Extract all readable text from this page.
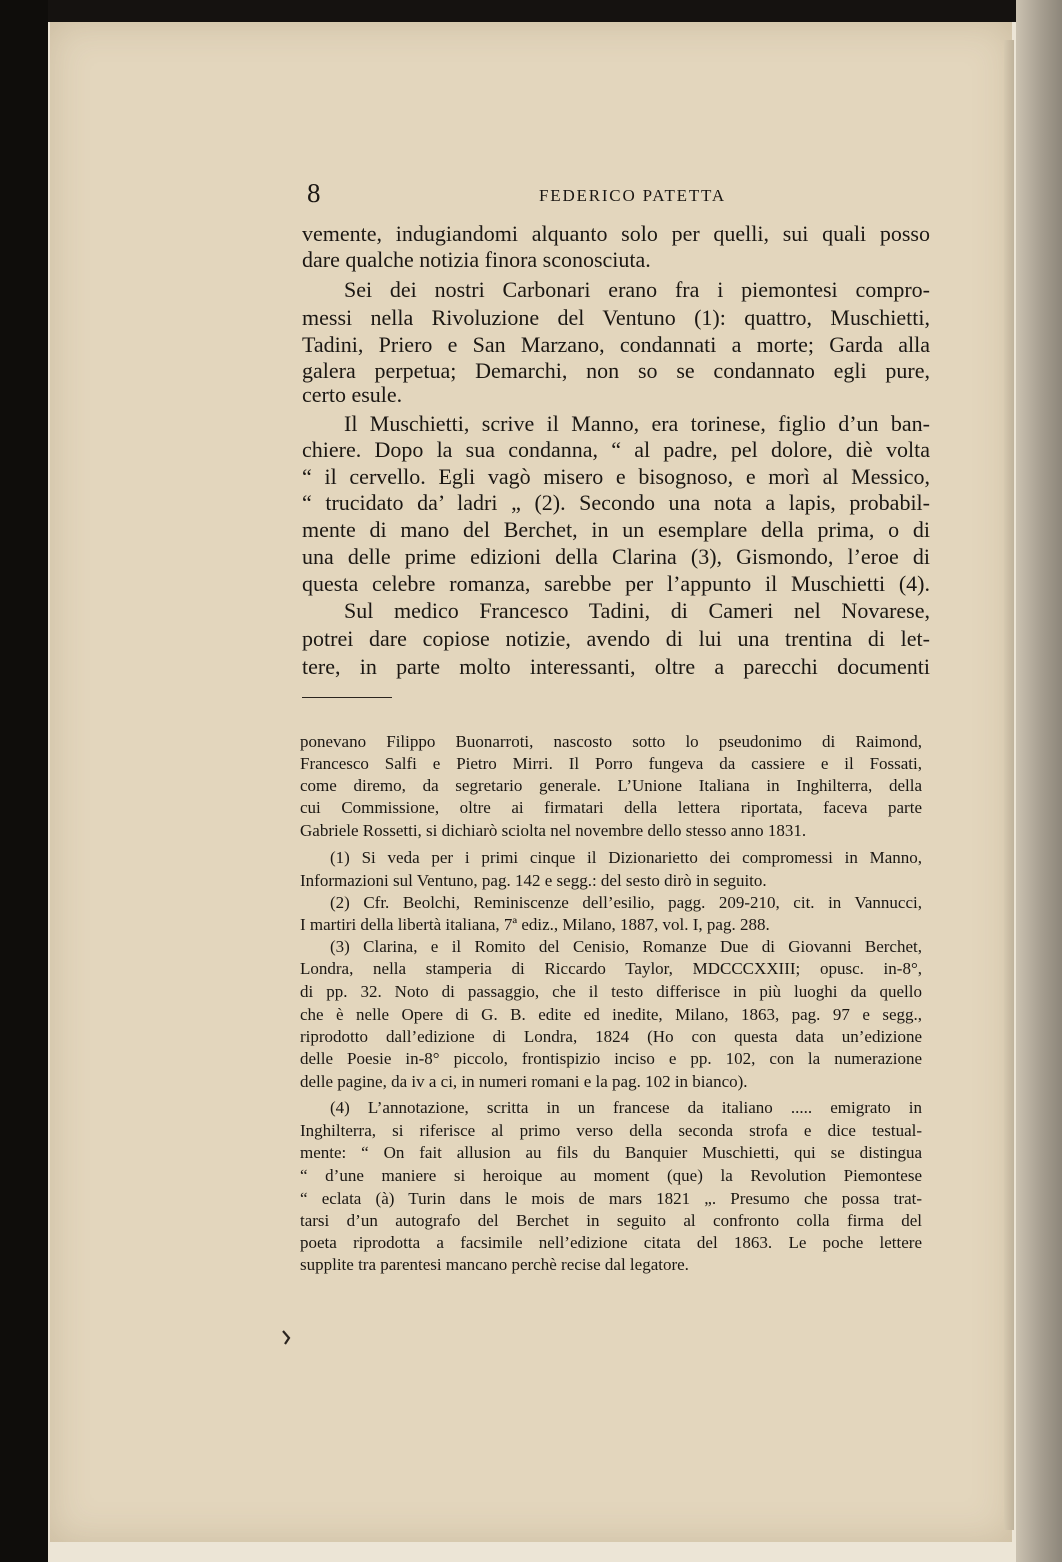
8	FEDERICO PATETTA
vemente, indugiandomi alquanto solo per quelli, sui quali posso
dare qualche notizia finora sconosciuta.
Sei dei nostri Carbonari erano fra i piemontesi compro-
messi nella Rivoluzione del Ventuno (1): quattro, Muschietti,
Tadini, Priero e San Marzano, condannati a morte; Garda alla
galera perpetua; Demarchi, non so se condannato egli pure,
certo esule.
Il Muschietti, scrive il Manno, era torinese, figlio d’un ban-
chiere. Dopo la sua condanna, “ al padre, pel dolore, diè volta
“ il cervello. Egli vagò misero e bisognoso, e morì al Messico,
“ trucidato da’ ladri „ (2). Secondo una nota a lapis, probabil-
mente di mano del Berchet, in un esemplare della prima, o di
una delle prime edizioni della Clarina (3), Gismondo, l’eroe di
questa celebre romanza, sarebbe per l’appunto il Muschietti (4).
Sul medico Francesco Tadini, di Cameri nel Novarese,
potrei dare copiose notizie, avendo di lui una trentina di let-
tere, in parte molto interessanti, oltre a parecchi documenti
ponevano Filippo Buonarroti, nascosto sotto lo pseudonimo di Raimond,
Francesco Salfi e Pietro Mirri. Il Porro fungeva da cassiere e il Fossati,
come diremo, da segretario generale. L’Unione Italiana in Inghilterra, della
cui Commissione, oltre ai firmatari della lettera riportata, faceva parte
Gabriele Rossetti, si dichiarò sciolta nel novembre dello stesso anno 1831.
(1) Si veda per i primi cinque il Dizionarietto dei compromessi in Manno,
Informazioni sul Ventuno, pag. 142 e segg.: del sesto dirò in seguito.
(2) Cfr. Beolchi, Reminiscenze dell’esilio, pagg. 209-210, cit. in Vannucci,
I martiri della libertà italiana, 7ª ediz., Milano, 1887, vol. I, pag. 288.
(3) Clarina, e il Romito del Cenisio, Romanze Due di Giovanni Berchet,
Londra, nella stamperia di Riccardo Taylor, MDCCCXXIII; opusc. in-8°,
di pp. 32. Noto di passaggio, che il testo differisce in più luoghi da quello
che è nelle Opere di G. B. edite ed inedite, Milano, 1863, pag. 97 e segg.,
riprodotto dall’edizione di Londra, 1824 (Ho con questa data un’edizione
delle Poesie in-8° piccolo, frontispizio inciso e pp. 102, con la numerazione
delle pagine, da iv a ci, in numeri romani e la pag. 102 in bianco).
(4) L’annotazione, scritta in un francese da italiano ..... emigrato in
Inghilterra, si riferisce al primo verso della seconda strofa e dice testual-
mente: “ On fait allusion au fils du Banquier Muschietti, qui se distingua
“ d’une maniere si heroique au moment (que) la Revolution Piemontese
“ eclata (à) Turin dans le mois de mars 1821 „. Presumo che possa trat-
tarsi d’un autografo del Berchet in seguito al confronto colla firma del
poeta riprodotta a facsimile nell’edizione citata del 1863. Le poche lettere
supplite tra parentesi mancano perchè recise dal legatore.
